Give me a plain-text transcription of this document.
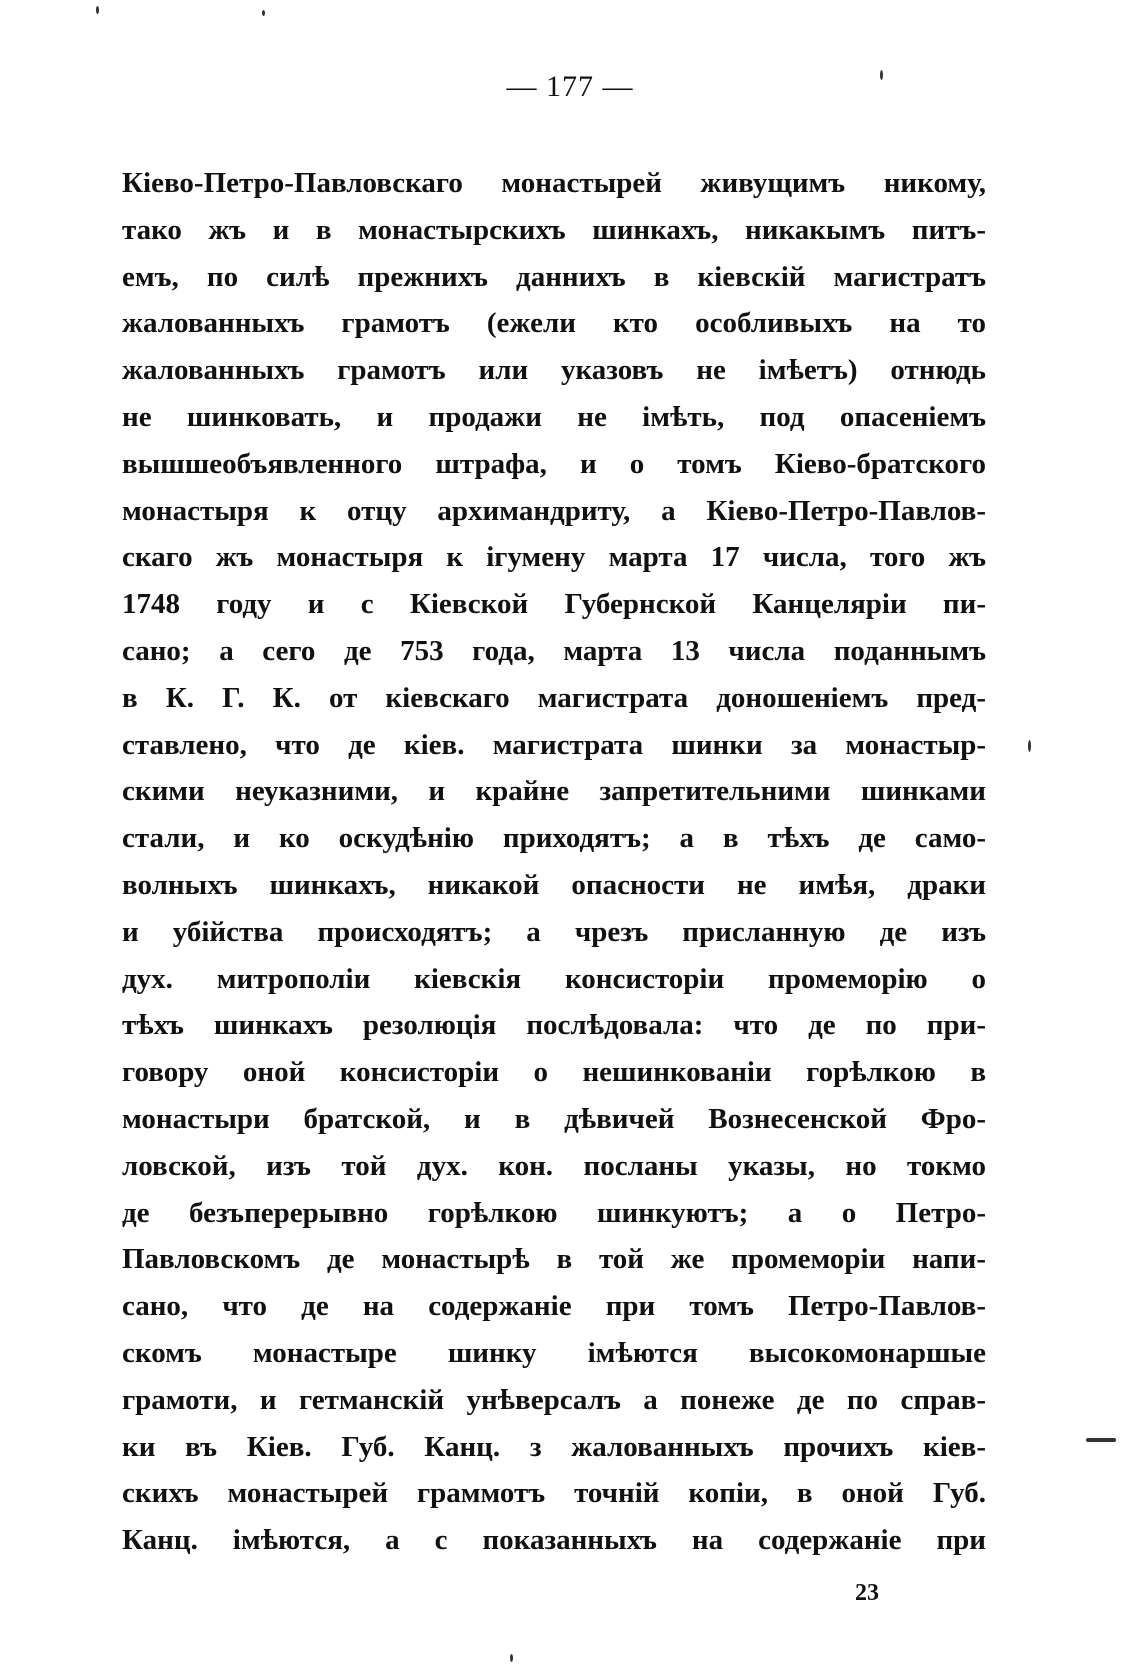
— 177 —
Кіево-Петро-Павловскаго монастырей живущимъ никому,
тако жъ и в монастырскихъ шинкахъ, никакымъ питъ-
емъ, по силѣ прежнихъ даннихъ в кіевскій магистратъ
жалованныхъ грамотъ (ежели кто особливыхъ на то
жалованныхъ грамотъ или указовъ не імѣетъ) отнюдь
не шинковать, и продажи не імѣть, под опасеніемъ
вышшеобъявленного штрафа, и о томъ Кіево-братского
монастыря к отцу архимандриту, а Кіево-Петро-Павлов-
скаго жъ монастыря к ігумену марта 17 числа, того жъ
1748 году и с Кіевской Губернской Канцеляріи пи-
сано; а сего де 753 года, марта 13 числа поданнымъ
в К. Г. К. от кіевскаго магистрата доношеніемъ пред-
ставлено, что де кіев. магистрата шинки за монастыр-
скими неуказними, и крайне запретительними шинками
стали, и ко оскудѣнію приходятъ; а в тѣхъ де само-
волныхъ шинкахъ, никакой опасности не имѣя, драки
и убійства происходятъ; а чрезъ присланную де изъ
дух. митрополіи кіевскія консисторіи промеморію о
тѣхъ шинкахъ резолюція послѣдовала: что де по при-
говору оной консисторіи о нешинкованіи горѣлкою в
монастыри братской, и в дѣвичей Вознесенской Фро-
ловской, изъ той дух. кон. посланы указы, но токмо
де безъперерывно горѣлкою шинкуютъ; а о Петро-
Павловскомъ де монастырѣ в той же промеморіи напи-
сано, что де на содержаніе при томъ Петро-Павлов-
скомъ монастыре шинку імѣются высокомонаршые
грамоти, и гетманскій унѣверсалъ а понеже де по справ-
ки въ Кіев. Губ. Канц. з жалованныхъ прочихъ кіев-
скихъ монастырей граммотъ точній копіи, в оной Губ.
Канц. імѣются, а с показанныхъ на содержаніе при
23
